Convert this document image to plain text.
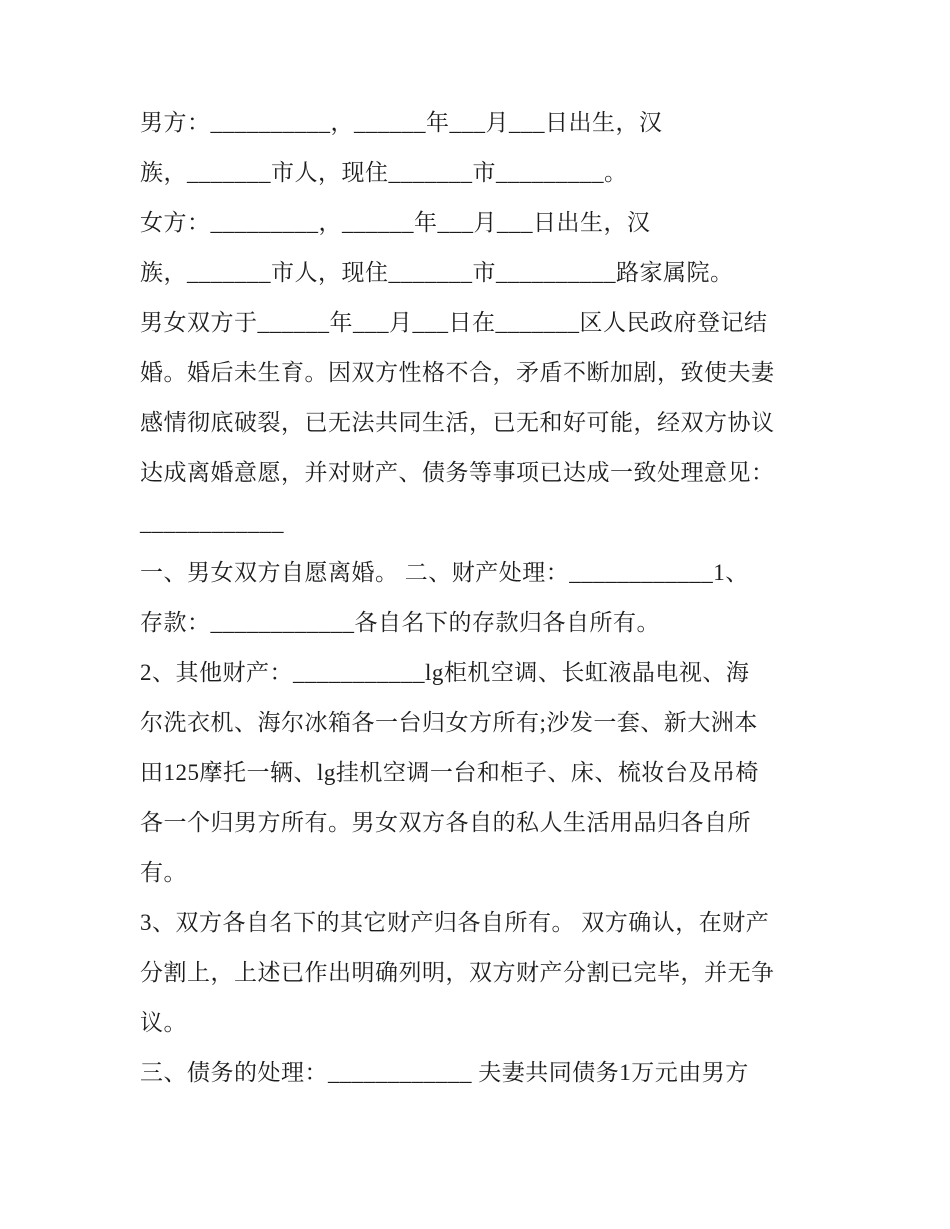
男方：__________，______年___月___日出生，汉
族，_______市人，现住_______市_________。
女方：_________，______年___月___日出生，汉
族，_______市人，现住_______市__________路家属院。
男女双方于______年___月___日在_______区人民政府登记结
婚。婚后未生育。因双方性格不合，矛盾不断加剧，致使夫妻
感情彻底破裂，已无法共同生活，已无和好可能，经双方协议
达成离婚意愿，并对财产、债务等事项已达成一致处理意见：
____________
一、男女双方自愿离婚。 二、财产处理：____________1、
存款：____________各自名下的存款归各自所有。
2、其他财产：___________lg柜机空调、长虹液晶电视、海
尔洗衣机、海尔冰箱各一台归女方所有;沙发一套、新大洲本
田125摩托一辆、lg挂机空调一台和柜子、床、梳妆台及吊椅
各一个归男方所有。男女双方各自的私人生活用品归各自所
有。
3、双方各自名下的其它财产归各自所有。 双方确认，在财产
分割上，上述已作出明确列明，双方财产分割已完毕，并无争
议。
三、债务的处理：____________ 夫妻共同债务1万元由男方
